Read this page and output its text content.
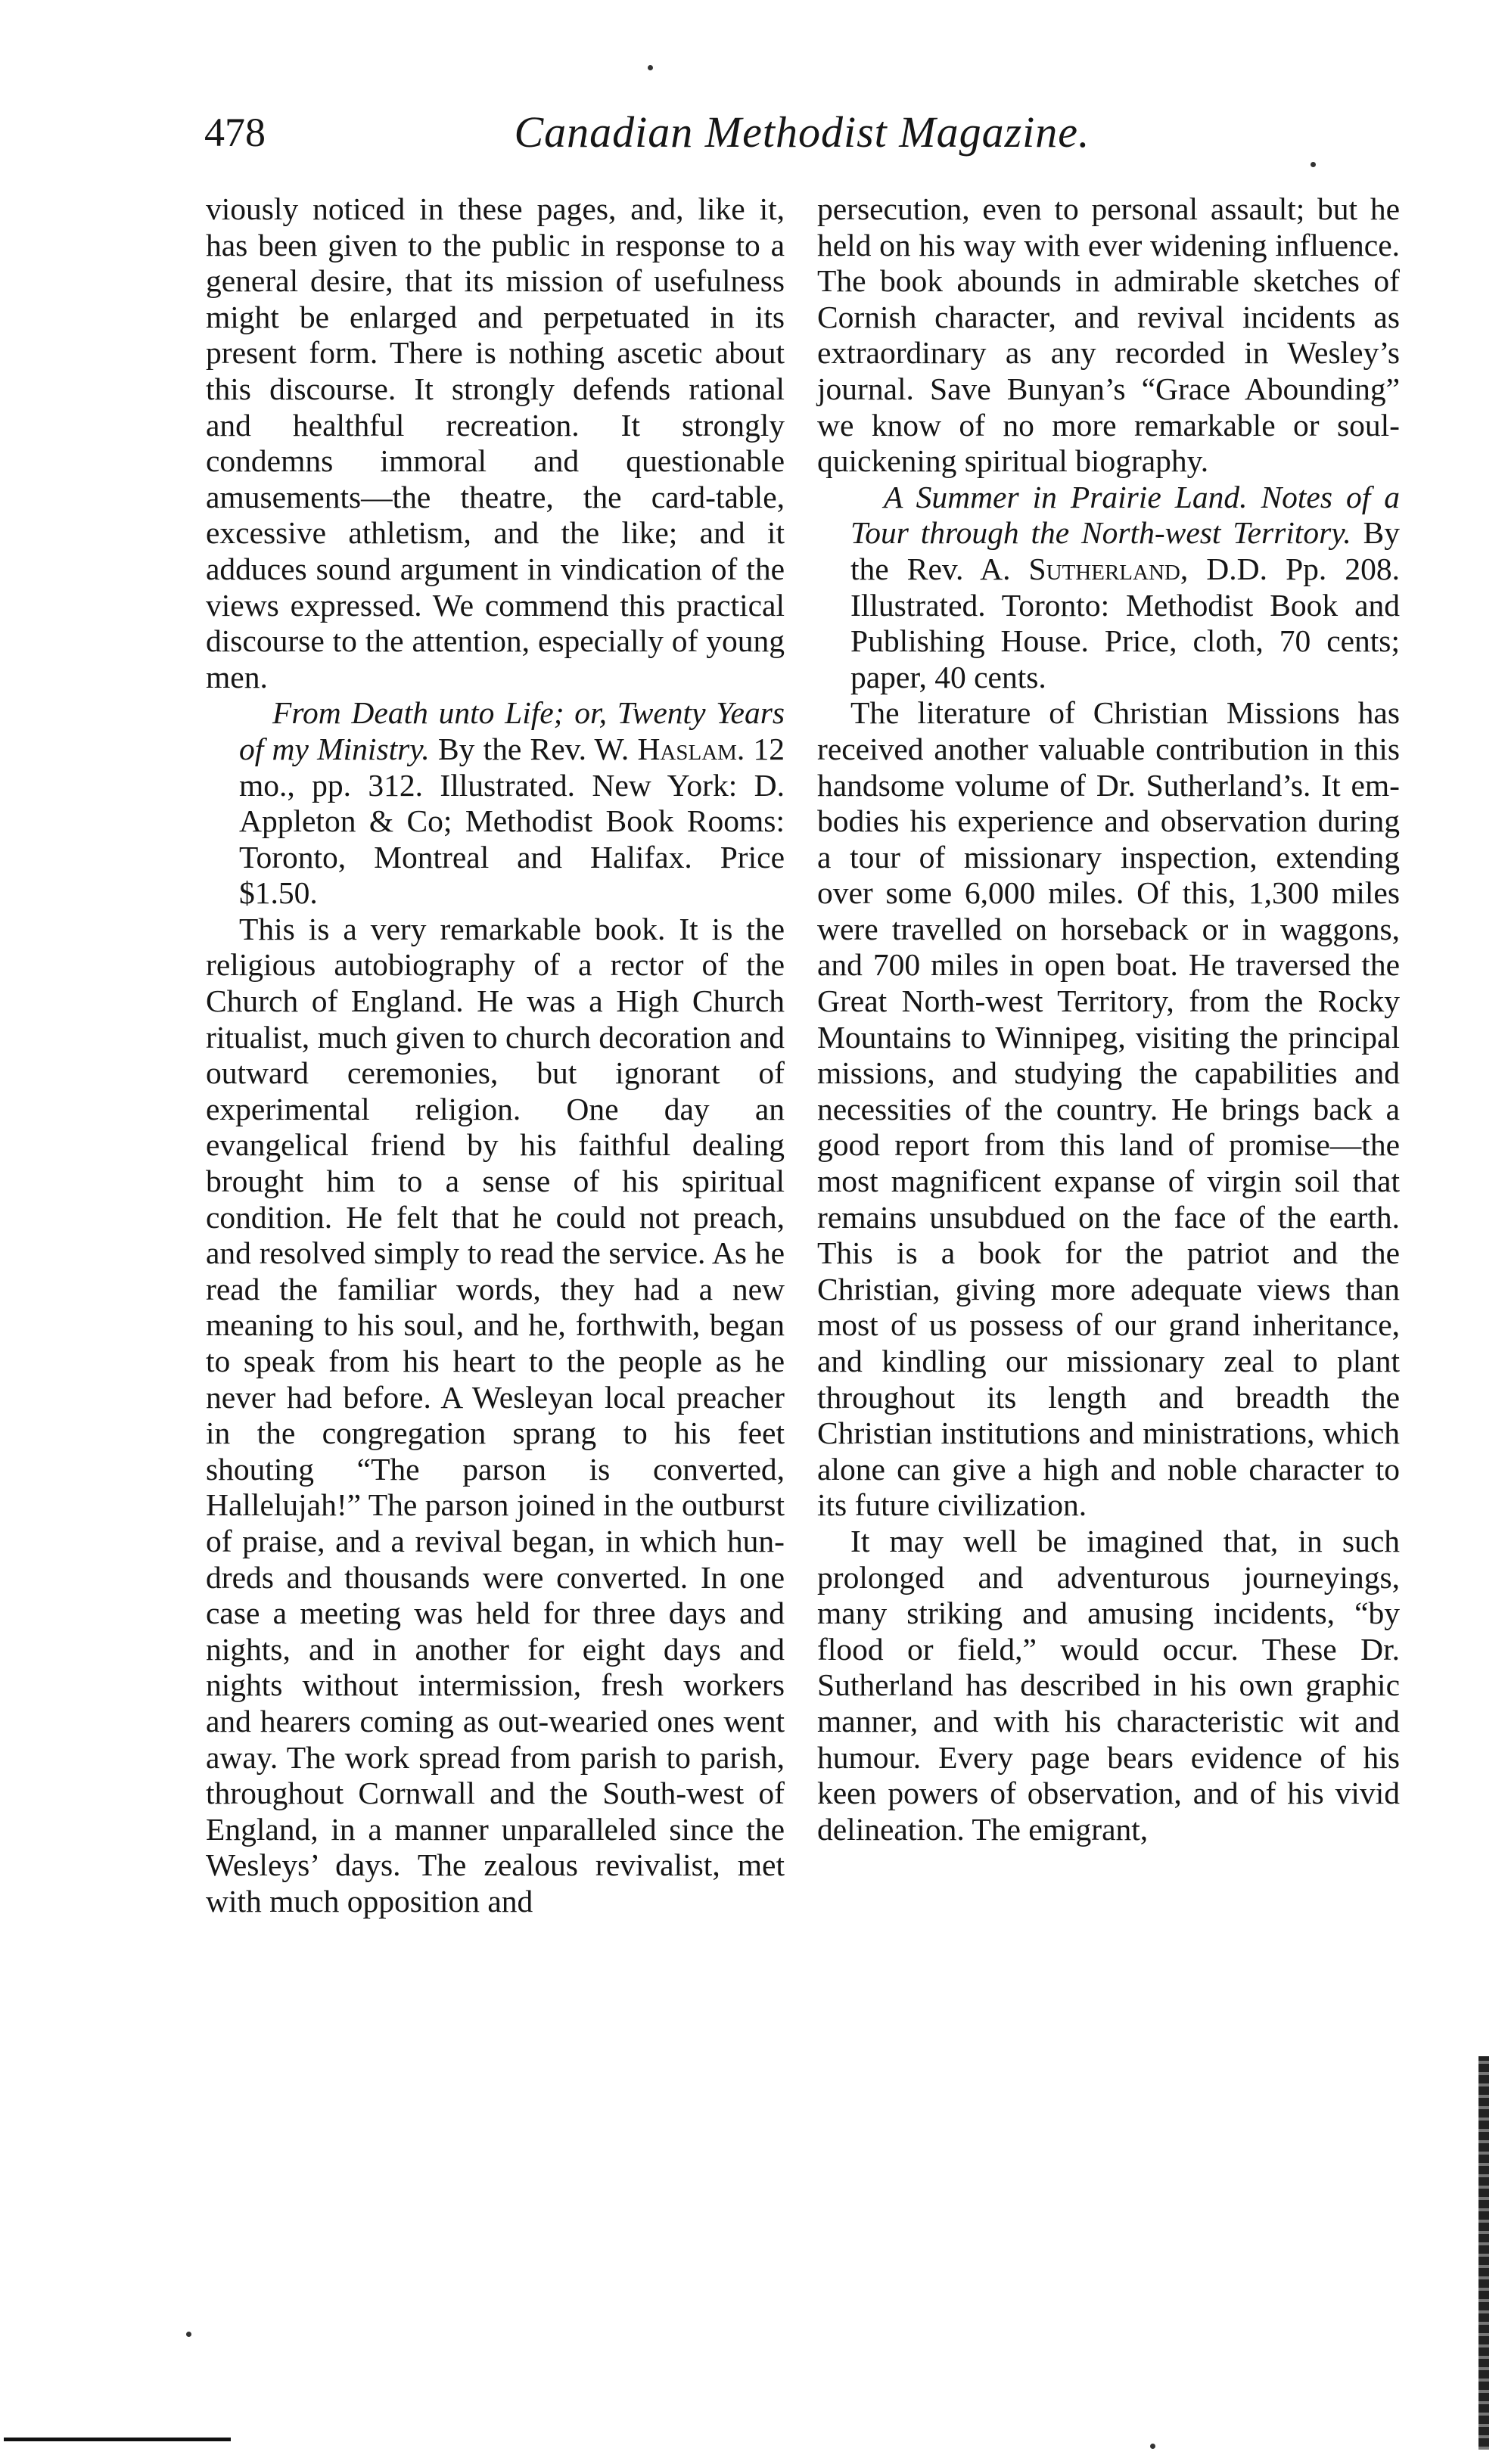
478	Canadian Methodist Magazine.

viously noticed in these pages, and, like it, has been given to the public in response to a general desire, that its mission of usefulness might be enlarged and perpetuated in its present form. There is nothing ascetic about this discourse. It strongly defends rational and healthful recreation. It strongly condemns immoral and questionable amusements—the theatre, the card-table, excessive athletism, and the like; and it adduces sound argument in vindication of the views expressed. We commend this practical discourse to the attention, especially of young men.

From Death unto Life; or, Twenty Years of my Ministry. By the Rev. W. Haslam. 12 mo., pp. 312. Illustrated. New York: D. Appleton & Co; Methodist Book Rooms: Toronto, Montreal and Halifax. Price $1.50.

This is a very remarkable book. It is the religious autobiography of a rector of the Church of England. He was a High Church ritualist, much given to church decoration and outward ceremonies, but ignorant of experimental religion. One day an evangelical friend by his faithful dealing brought him to a sense of his spiritual condition. He felt that he could not preach, and resolved simply to read the service. As he read the familiar words, they had a new meaning to his soul, and he, forthwith, began to speak from his heart to the people as he never had before. A Wesleyan local preacher in the congregation sprang to his feet shouting “The parson is converted, Hallelujah!” The parson joined in the outburst of praise, and a revival began, in which hundreds and thousands were converted. In one case a meeting was held for three days and nights, and in another for eight days and nights without intermission, fresh workers and hearers coming as out-wearied ones went away. The work spread from parish to parish, throughout Cornwall and the South-west of England, in a manner unparalleled since the Wesleys’ days. The zealous revivalist, met with much opposition and

persecution, even to personal assault; but he held on his way with ever widening influence. The book abounds in admirable sketches of Cornish character, and revival incidents as extraordinary as any recorded in Wesley’s journal. Save Bunyan’s “Grace Abounding” we know of no more remarkable or soul-quickening spiritual biography.

A Summer in Prairie Land. Notes of a Tour through the North-west Territory. By the Rev. A. Sutherland, D.D. Pp. 208. Illustrated. Toronto: Methodist Book and Publishing House. Price, cloth, 70 cents; paper, 40 cents.

The literature of Christian Missions has received another valuable contribution in this handsome volume of Dr. Sutherland’s. It embodies his experience and observation during a tour of missionary inspection, extending over some 6,000 miles. Of this, 1,300 miles were travelled on horseback or in waggons, and 700 miles in open boat. He traversed the Great North-west Territory, from the Rocky Mountains to Winnipeg, visiting the principal missions, and studying the capabilities and necessities of the country. He brings back a good report from this land of promise—the most magnificent expanse of virgin soil that remains unsubdued on the face of the earth. This is a book for the patriot and the Christian, giving more adequate views than most of us possess of our grand inheritance, and kindling our missionary zeal to plant throughout its length and breadth the Christian institutions and ministrations, which alone can give a high and noble character to its future civilization.

It may well be imagined that, in such prolonged and adventurous journeyings, many striking and amusing incidents, “by flood or field,” would occur. These Dr. Sutherland has described in his own graphic manner, and with his characteristic wit and humour. Every page bears evidence of his keen powers of observation, and of his vivid delineation. The emigrant,
